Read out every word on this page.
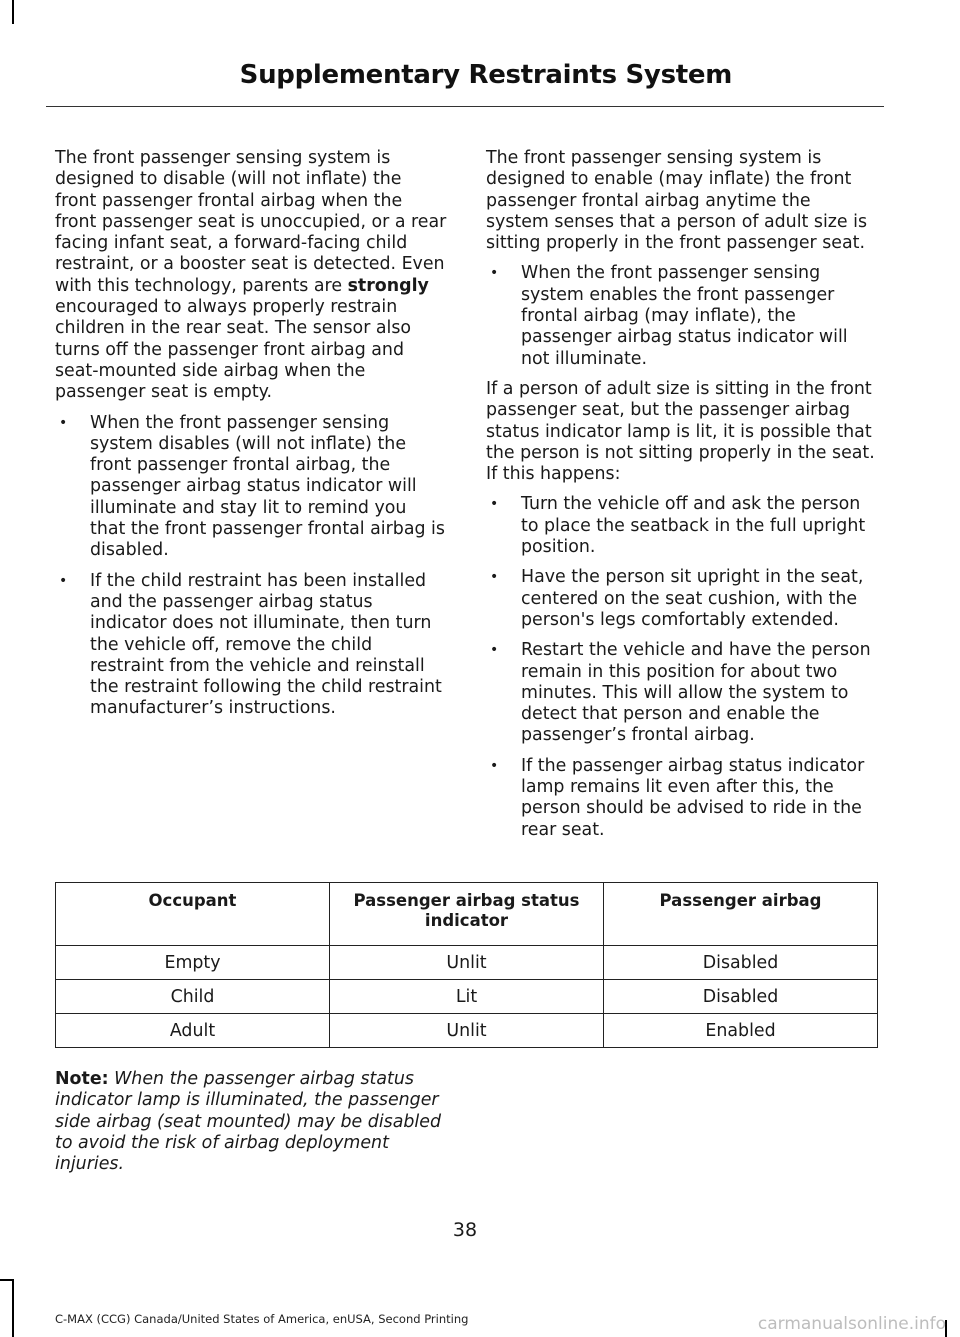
Supplementary Restraints System

The front passenger sensing system is designed to disable (will not inflate) the front passenger frontal airbag when the front passenger seat is unoccupied, or a rear facing infant seat, a forward-facing child restraint, or a booster seat is detected. Even with this technology, parents are strongly encouraged to always properly restrain children in the rear seat. The sensor also turns off the passenger front airbag and seat-mounted side airbag when the passenger seat is empty.

• When the front passenger sensing system disables (will not inflate) the front passenger frontal airbag, the passenger airbag status indicator will illuminate and stay lit to remind you that the front passenger frontal airbag is disabled.
• If the child restraint has been installed and the passenger airbag status indicator does not illuminate, then turn the vehicle off, remove the child restraint from the vehicle and reinstall the restraint following the child restraint manufacturer’s instructions.

The front passenger sensing system is designed to enable (may inflate) the front passenger frontal airbag anytime the system senses that a person of adult size is sitting properly in the front passenger seat.

• When the front passenger sensing system enables the front passenger frontal airbag (may inflate), the passenger airbag status indicator will not illuminate.

If a person of adult size is sitting in the front passenger seat, but the passenger airbag status indicator lamp is lit, it is possible that the person is not sitting properly in the seat. If this happens:

• Turn the vehicle off and ask the person to place the seatback in the full upright position.
• Have the person sit upright in the seat, centered on the seat cushion, with the person's legs comfortably extended.
• Restart the vehicle and have the person remain in this position for about two minutes. This will allow the system to detect that person and enable the passenger’s frontal airbag.
• If the passenger airbag status indicator lamp remains lit even after this, the person should be advised to ride in the rear seat.
Occupant	Passenger airbag status indicator	Passenger airbag
Empty	Unlit	Disabled
Child	Lit	Disabled
Adult	Unlit	Enabled
Note: When the passenger airbag status indicator lamp is illuminated, the passenger side airbag (seat mounted) may be disabled to avoid the risk of airbag deployment injuries.
38
C-MAX (CCG) Canada/United States of America, enUSA, Second Printing	carmanualsonline.info
